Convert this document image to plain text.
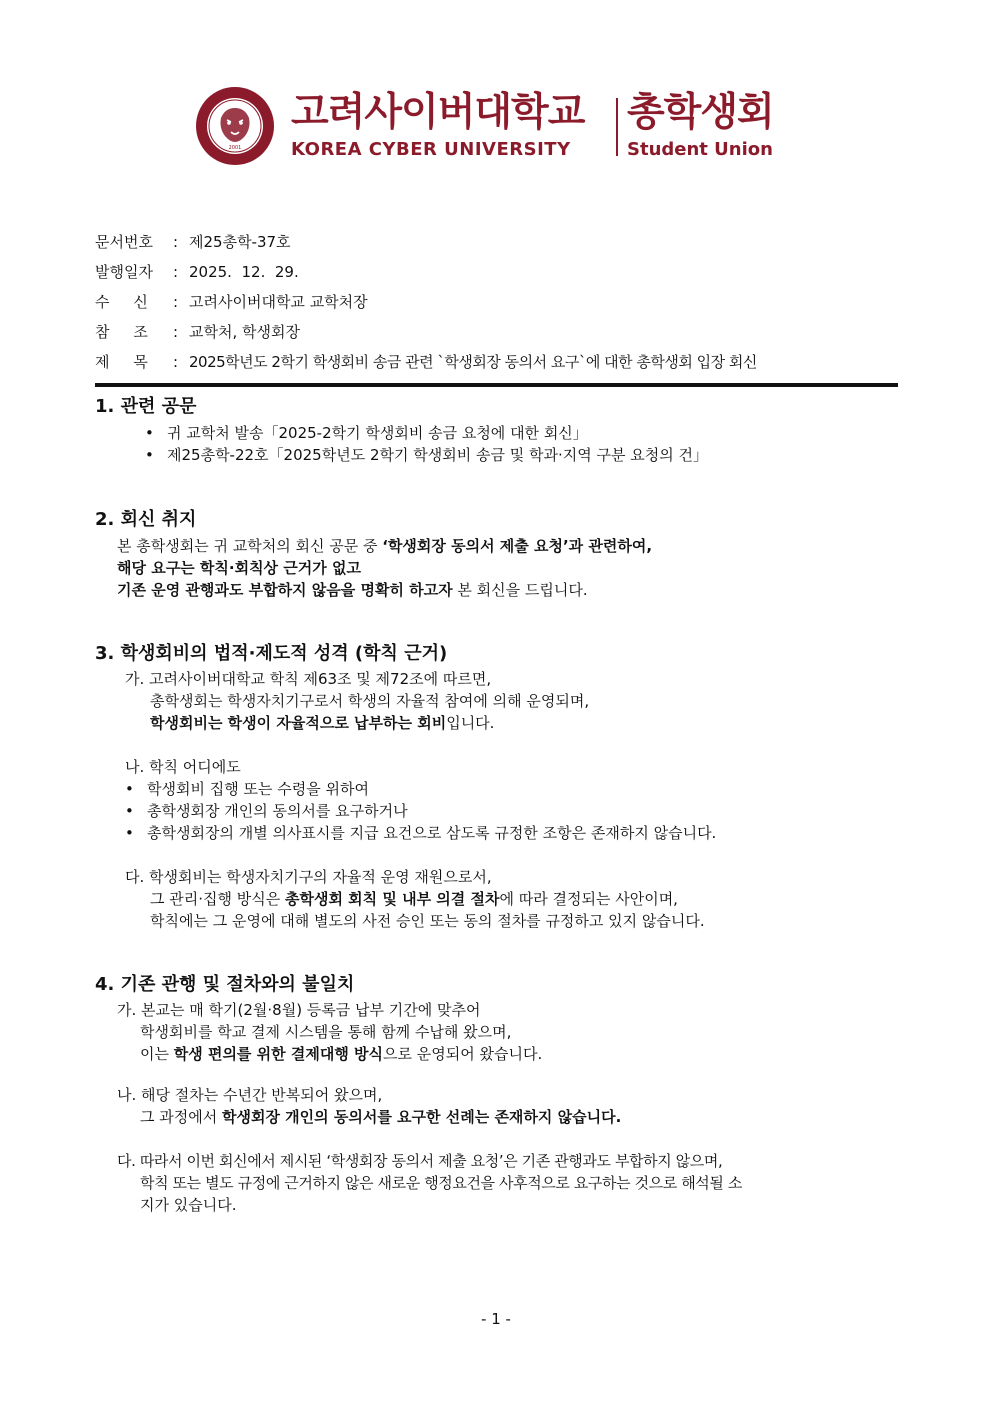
2001
고려사이버대학교
KOREA CYBER UNIVERSITY
총학생회
Student Union
문서번호	: 제25총학-37호
발행일자	: 2025.  12.  29.
수     신	: 고려사이버대학교 교학처장
참     조	: 교학처, 학생회장
제     목	: 2025학년도 2학기 학생회비 송금 관련 `학생회장 동의서 요구`에 대한 총학생회 입장 회신
1. 관련 공문
• 귀 교학처 발송「2025-2학기 학생회비 송금 요청에 대한 회신」
• 제25총학-22호「2025학년도 2학기 학생회비 송금 및 학과·지역 구분 요청의 건」
2. 회신 취지
본 총학생회는 귀 교학처의 회신 공문 중 ‘학생회장 동의서 제출 요청’과 관련하여,
해당 요구는 학칙·회칙상 근거가 없고
기존 운영 관행과도 부합하지 않음을 명확히 하고자 본 회신을 드립니다.
3. 학생회비의 법적·제도적 성격 (학칙 근거)
가. 고려사이버대학교 학칙 제63조 및 제72조에 따르면,
총학생회는 학생자치기구로서 학생의 자율적 참여에 의해 운영되며,
학생회비는 학생이 자율적으로 납부하는 회비입니다.
나. 학칙 어디에도
• 학생회비 집행 또는 수령을 위하여
• 총학생회장 개인의 동의서를 요구하거나
• 총학생회장의 개별 의사표시를 지급 요건으로 삼도록 규정한 조항은 존재하지 않습니다.
다. 학생회비는 학생자치기구의 자율적 운영 재원으로서,
그 관리·집행 방식은 총학생회 회칙 및 내부 의결 절차에 따라 결정되는 사안이며,
학칙에는 그 운영에 대해 별도의 사전 승인 또는 동의 절차를 규정하고 있지 않습니다.
4. 기존 관행 및 절차와의 불일치
가. 본교는 매 학기(2월·8월) 등록금 납부 기간에 맞추어
학생회비를 학교 결제 시스템을 통해 함께 수납해 왔으며,
이는 학생 편의를 위한 결제대행 방식으로 운영되어 왔습니다.
나. 해당 절차는 수년간 반복되어 왔으며,
그 과정에서 학생회장 개인의 동의서를 요구한 선례는 존재하지 않습니다.
다. 따라서 이번 회신에서 제시된 ‘학생회장 동의서 제출 요청’은 기존 관행과도 부합하지 않으며,
학칙 또는 별도 규정에 근거하지 않은 새로운 행정요건을 사후적으로 요구하는 것으로 해석될 소
지가 있습니다.
- 1 -
